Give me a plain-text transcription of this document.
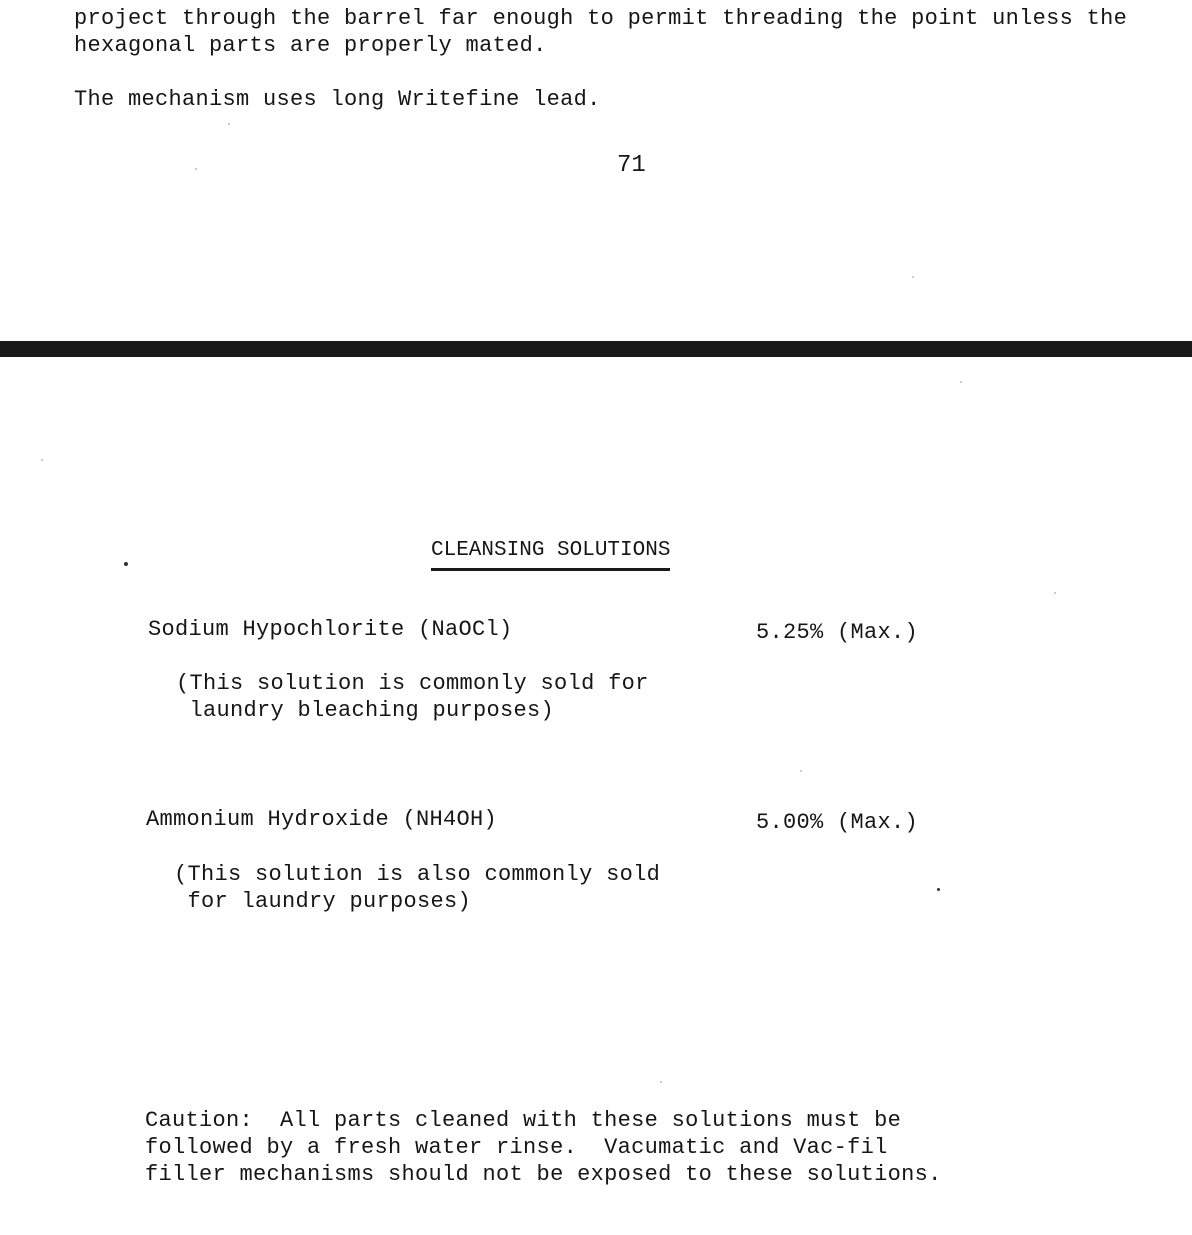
project through the barrel far enough to permit threading the point unless the
hexagonal parts are properly mated.
The mechanism uses long Writefine lead.
71
CLEANSING SOLUTIONS
Sodium Hypochlorite (NaOCl)	5.25% (Max.)
(This solution is commonly sold for
laundry bleaching purposes)
Ammonium Hydroxide (NH4OH)	5.00% (Max.)
(This solution is also commonly sold
for laundry purposes)
Caution:  All parts cleaned with these solutions must be
followed by a fresh water rinse.  Vacumatic and Vac-fil
filler mechanisms should not be exposed to these solutions.
